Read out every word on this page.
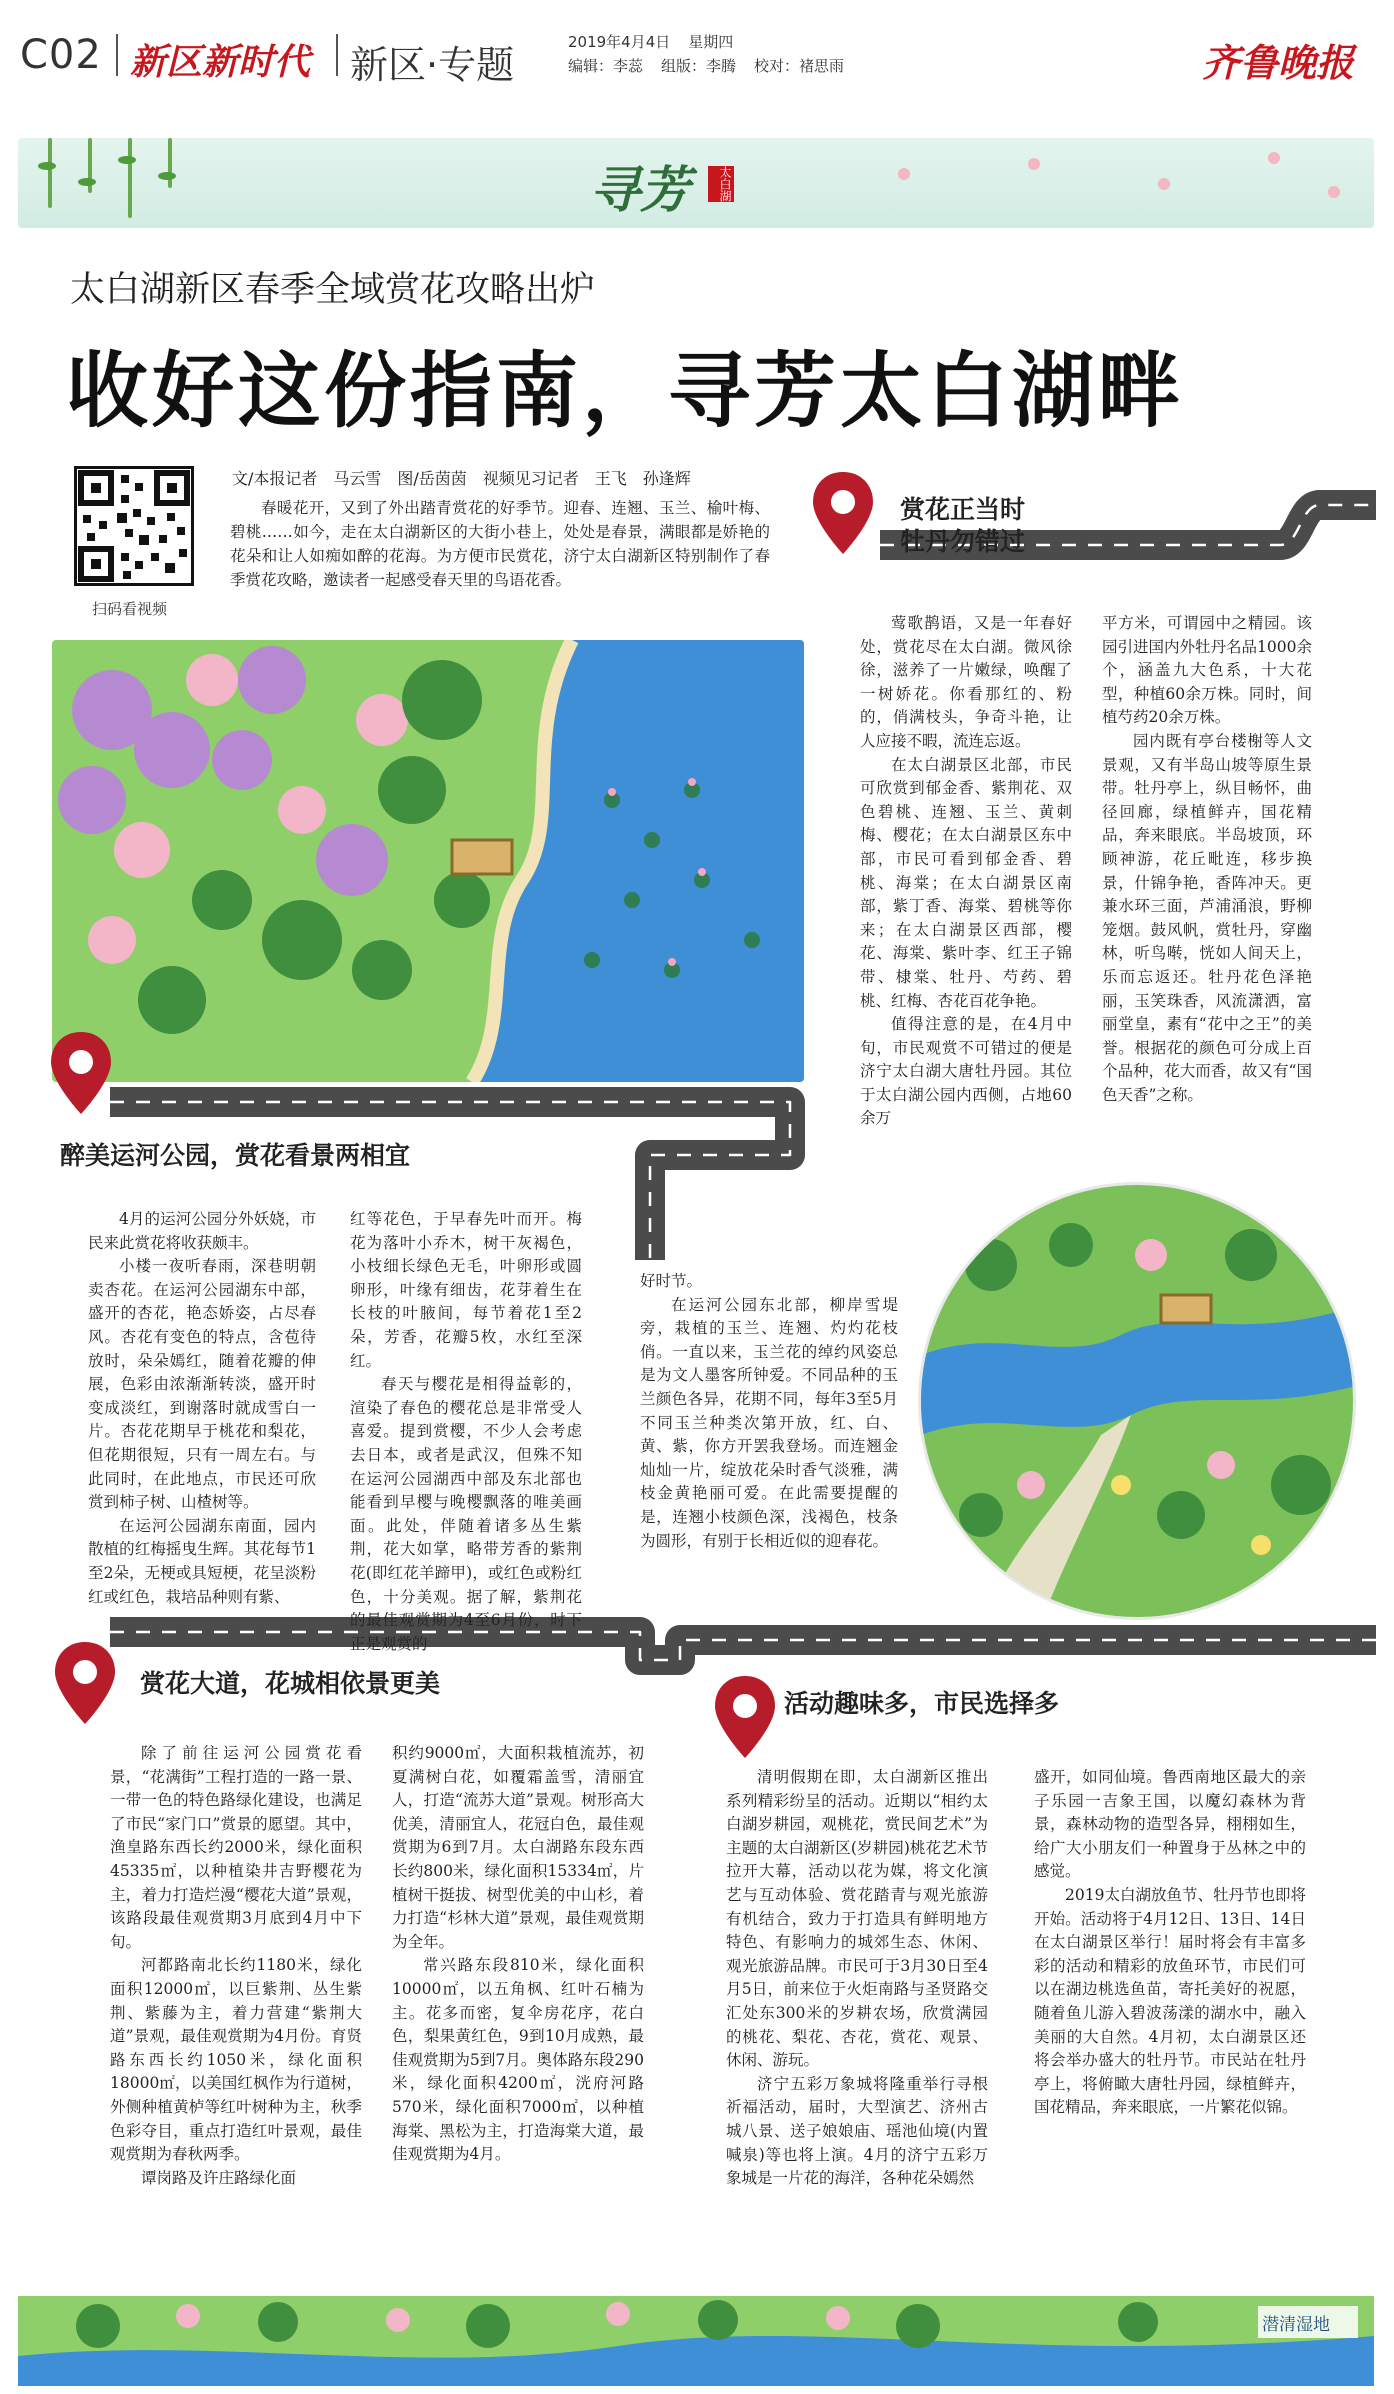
C02 新区新时代 新区·专题
2019年4月4日 星期四
编辑：李蕊 组版：李腾 校对：褚思雨	齐鲁晚报
寻芳	太白湖
太白湖新区春季全域赏花攻略出炉
收好这份指南，寻芳太白湖畔
扫码看视频
文/本报记者　马云雪　图/岳茵茵　视频见习记者　王飞　孙逢辉
春暖花开，又到了外出踏青赏花的好季节。迎春、连翘、玉兰、榆叶梅、碧桃……如今，走在太白湖新区的大街小巷上，处处是春景，满眼都是娇艳的花朵和让人如痴如醉的花海。为方便市民赏花，济宁太白湖新区特别制作了春季赏花攻略，邀读者一起感受春天里的鸟语花香。
潜清湿地
赏花正当时
牡丹勿错过

莺歌鹊语，又是一年春好处，赏花尽在太白湖。微风徐徐，滋养了一片嫩绿，唤醒了一树娇花。你看那红的、粉的，俏满枝头，争奇斗艳，让人应接不暇，流连忘返。

在太白湖景区北部，市民可欣赏到郁金香、紫荆花、双色碧桃、连翘、玉兰、黄刺梅、樱花；在太白湖景区东中部，市民可看到郁金香、碧桃、海棠；在太白湖景区南部，紫丁香、海棠、碧桃等你来；在太白湖景区西部，樱花、海棠、紫叶李、红王子锦带、棣棠、牡丹、芍药、碧桃、红梅、杏花百花争艳。

值得注意的是，在4月中旬，市民观赏不可错过的便是济宁太白湖大唐牡丹园。其位于太白湖公园内西侧，占地60余万

平方米，可谓园中之精园。该园引进国内外牡丹名品1000余个，涵盖九大色系，十大花型，种植60余万株。同时，间植芍药20余万株。

园内既有亭台楼榭等人文景观，又有半岛山坡等原生景带。牡丹亭上，纵目畅怀，曲径回廊，绿植鲜卉，国花精品，奔来眼底。半岛坡顶，环顾神游，花丘毗连，移步换景，什锦争艳，香阵冲天。更兼水环三面，芦浦涌浪，野柳笼烟。鼓风帆，赏牡丹，穿幽林，听鸟啭，恍如人间天上，乐而忘返还。牡丹花色泽艳丽，玉笑珠香，风流潇洒，富丽堂皇，素有“花中之王”的美誉。根据花的颜色可分成上百个品种，花大而香，故又有“国色天香”之称。

醉美运河公园，赏花看景两相宜

4月的运河公园分外妖娆，市民来此赏花将收获颇丰。

小楼一夜听春雨，深巷明朝卖杏花。在运河公园湖东中部，盛开的杏花，艳态娇姿，占尽春风。杏花有变色的特点，含苞待放时，朵朵嫣红，随着花瓣的伸展，色彩由浓渐渐转淡，盛开时变成淡红，到谢落时就成雪白一片。杏花花期早于桃花和梨花，但花期很短，只有一周左右。与此同时，在此地点，市民还可欣赏到柿子树、山楂树等。

在运河公园湖东南面，园内散植的红梅摇曳生辉。其花每节1至2朵，无梗或具短梗，花呈淡粉红或红色，栽培品种则有紫、

红等花色，于早春先叶而开。梅花为落叶小乔木，树干灰褐色，小枝细长绿色无毛，叶卵形或圆卵形，叶缘有细齿，花芽着生在长枝的叶腋间，每节着花1至2朵，芳香，花瓣5枚，水红至深红。

春天与樱花是相得益彰的，渲染了春色的樱花总是非常受人喜爱。提到赏樱，不少人会考虑去日本，或者是武汉，但殊不知在运河公园湖西中部及东北部也能看到早樱与晚樱飘落的唯美画面。此处，伴随着诸多丛生紫荆，花大如掌，略带芳香的紫荆花(即红花羊蹄甲)，或红色或粉红色，十分美观。据了解，紫荆花的最佳观赏期为4至6月份，时下正是观赏的

好时节。

在运河公园东北部，柳岸雪堤旁，栽植的玉兰、连翘、灼灼花枝俏。一直以来，玉兰花的绰约风姿总是为文人墨客所钟爱。不同品种的玉兰颜色各异，花期不同，每年3至5月不同玉兰种类次第开放，红、白、黄、紫，你方开罢我登场。而连翘金灿灿一片，绽放花朵时香气淡雅，满枝金黄艳丽可爱。在此需要提醒的是，连翘小枝颜色深，浅褐色，枝条为圆形，有别于长相近似的迎春花。

赏花大道，花城相依景更美

除了前往运河公园赏花看景，“花满街”工程打造的一路一景、一带一色的特色路绿化建设，也满足了市民“家门口”赏景的愿望。其中，渔皇路东西长约2000米，绿化面积45335㎡，以种植染井吉野樱花为主，着力打造烂漫“樱花大道”景观，该路段最佳观赏期3月底到4月中下旬。

河都路南北长约1180米，绿化面积12000㎡，以巨紫荆、丛生紫荆、紫藤为主，着力营建“紫荆大道”景观，最佳观赏期为4月份。育贤路东西长约1050米，绿化面积18000㎡，以美国红枫作为行道树，外侧种植黄栌等红叶树种为主，秋季色彩夺目，重点打造红叶景观，最佳观赏期为春秋两季。

谭岗路及许庄路绿化面

积约9000㎡，大面积栽植流苏，初夏满树白花，如覆霜盖雪，清丽宜人，打造“流苏大道”景观。树形高大优美，清丽宜人，花冠白色，最佳观赏期为6到7月。太白湖路东段东西长约800米，绿化面积15334㎡，片植树干挺拔、树型优美的中山杉，着力打造“杉林大道”景观，最佳观赏期为全年。

常兴路东段810米，绿化面积10000㎡，以五角枫、红叶石楠为主。花多而密，复伞房花序，花白色，梨果黄红色，9到10月成熟，最佳观赏期为5到7月。奥体路东段290米，绿化面积4200㎡，洸府河路570米，绿化面积7000㎡，以种植海棠、黑松为主，打造海棠大道，最佳观赏期为4月。

活动趣味多，市民选择多

清明假期在即，太白湖新区推出系列精彩纷呈的活动。近期以“相约太白湖岁耕园，观桃花，赏民间艺术”为主题的太白湖新区(岁耕园)桃花艺术节拉开大幕，活动以花为媒，将文化演艺与互动体验、赏花踏青与观光旅游有机结合，致力于打造具有鲜明地方特色、有影响力的城郊生态、休闲、观光旅游品牌。市民可于3月30日至4月5日，前来位于火炬南路与圣贤路交汇处东300米的岁耕农场，欣赏满园的桃花、梨花、杏花，赏花、观景、休闲、游玩。

济宁五彩万象城将隆重举行寻根祈福活动，届时，大型演艺、济州古城八景、送子娘娘庙、瑶池仙境(内置喊泉)等也将上演。4月的济宁五彩万象城是一片花的海洋，各种花朵嫣然

盛开，如同仙境。鲁西南地区最大的亲子乐园一吉象王国，以魔幻森林为背景，森林动物的造型各异，栩栩如生，给广大小朋友们一种置身于丛林之中的感觉。

2019太白湖放鱼节、牡丹节也即将开始。活动将于4月12日、13日、14日在太白湖景区举行！届时将会有丰富多彩的活动和精彩的放鱼环节，市民们可以在湖边桃选鱼苗，寄托美好的祝愿，随着鱼儿游入碧波荡漾的湖水中，融入美丽的大自然。4月初，太白湖景区还将会举办盛大的牡丹节。市民站在牡丹亭上，将俯瞰大唐牡丹园，绿植鲜卉，国花精品，奔来眼底，一片繁花似锦。
